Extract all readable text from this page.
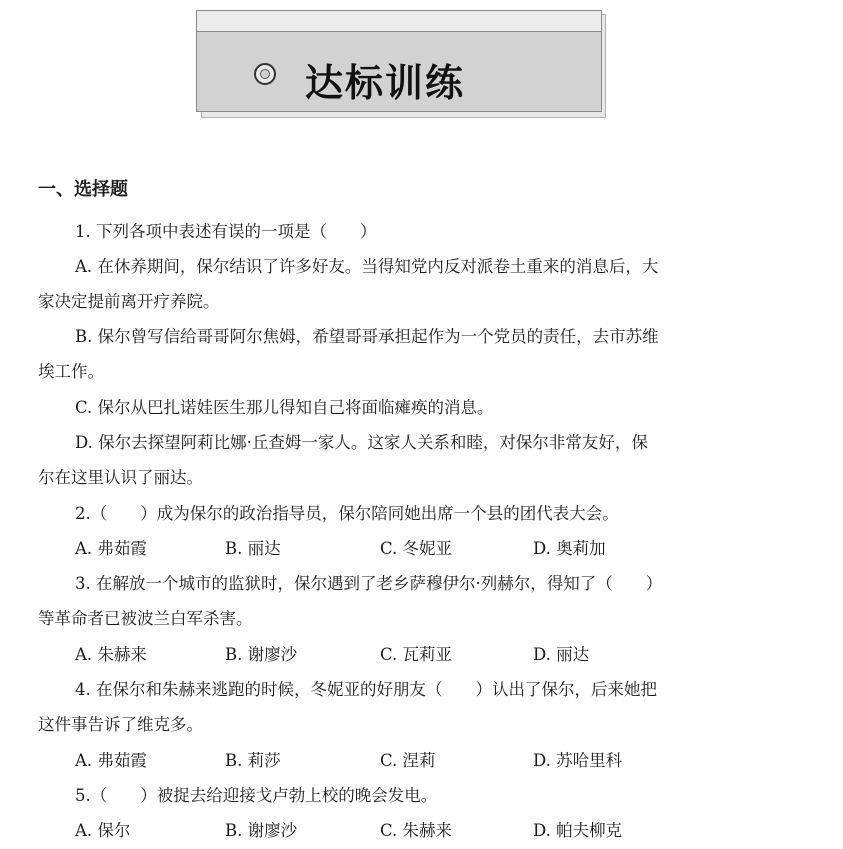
达标训练
一、选择题
1. 下列各项中表述有误的一项是（　　）
A. 在休养期间，保尔结识了许多好友。当得知党内反对派卷土重来的消息后，大
家决定提前离开疗养院。
B. 保尔曾写信给哥哥阿尔焦姆，希望哥哥承担起作为一个党员的责任，去市苏维
埃工作。
C. 保尔从巴扎诺娃医生那儿得知自己将面临瘫痪的消息。
D. 保尔去探望阿莉比娜·丘查姆一家人。这家人关系和睦，对保尔非常友好，保
尔在这里认识了丽达。
2.（　　）成为保尔的政治指导员，保尔陪同她出席一个县的团代表大会。
A. 弗茹霞	B. 丽达	C. 冬妮亚	D. 奥莉加
3. 在解放一个城市的监狱时，保尔遇到了老乡萨穆伊尔·列赫尔，得知了（　　）
等革命者已被波兰白军杀害。
A. 朱赫来	B. 谢廖沙	C. 瓦莉亚	D. 丽达
4. 在保尔和朱赫来逃跑的时候，冬妮亚的好朋友（　　）认出了保尔，后来她把
这件事告诉了维克多。
A. 弗茹霞	B. 莉莎	C. 涅莉	D. 苏哈里科
5.（　　）被捉去给迎接戈卢勃上校的晚会发电。
A. 保尔	B. 谢廖沙	C. 朱赫来	D. 帕夫柳克
